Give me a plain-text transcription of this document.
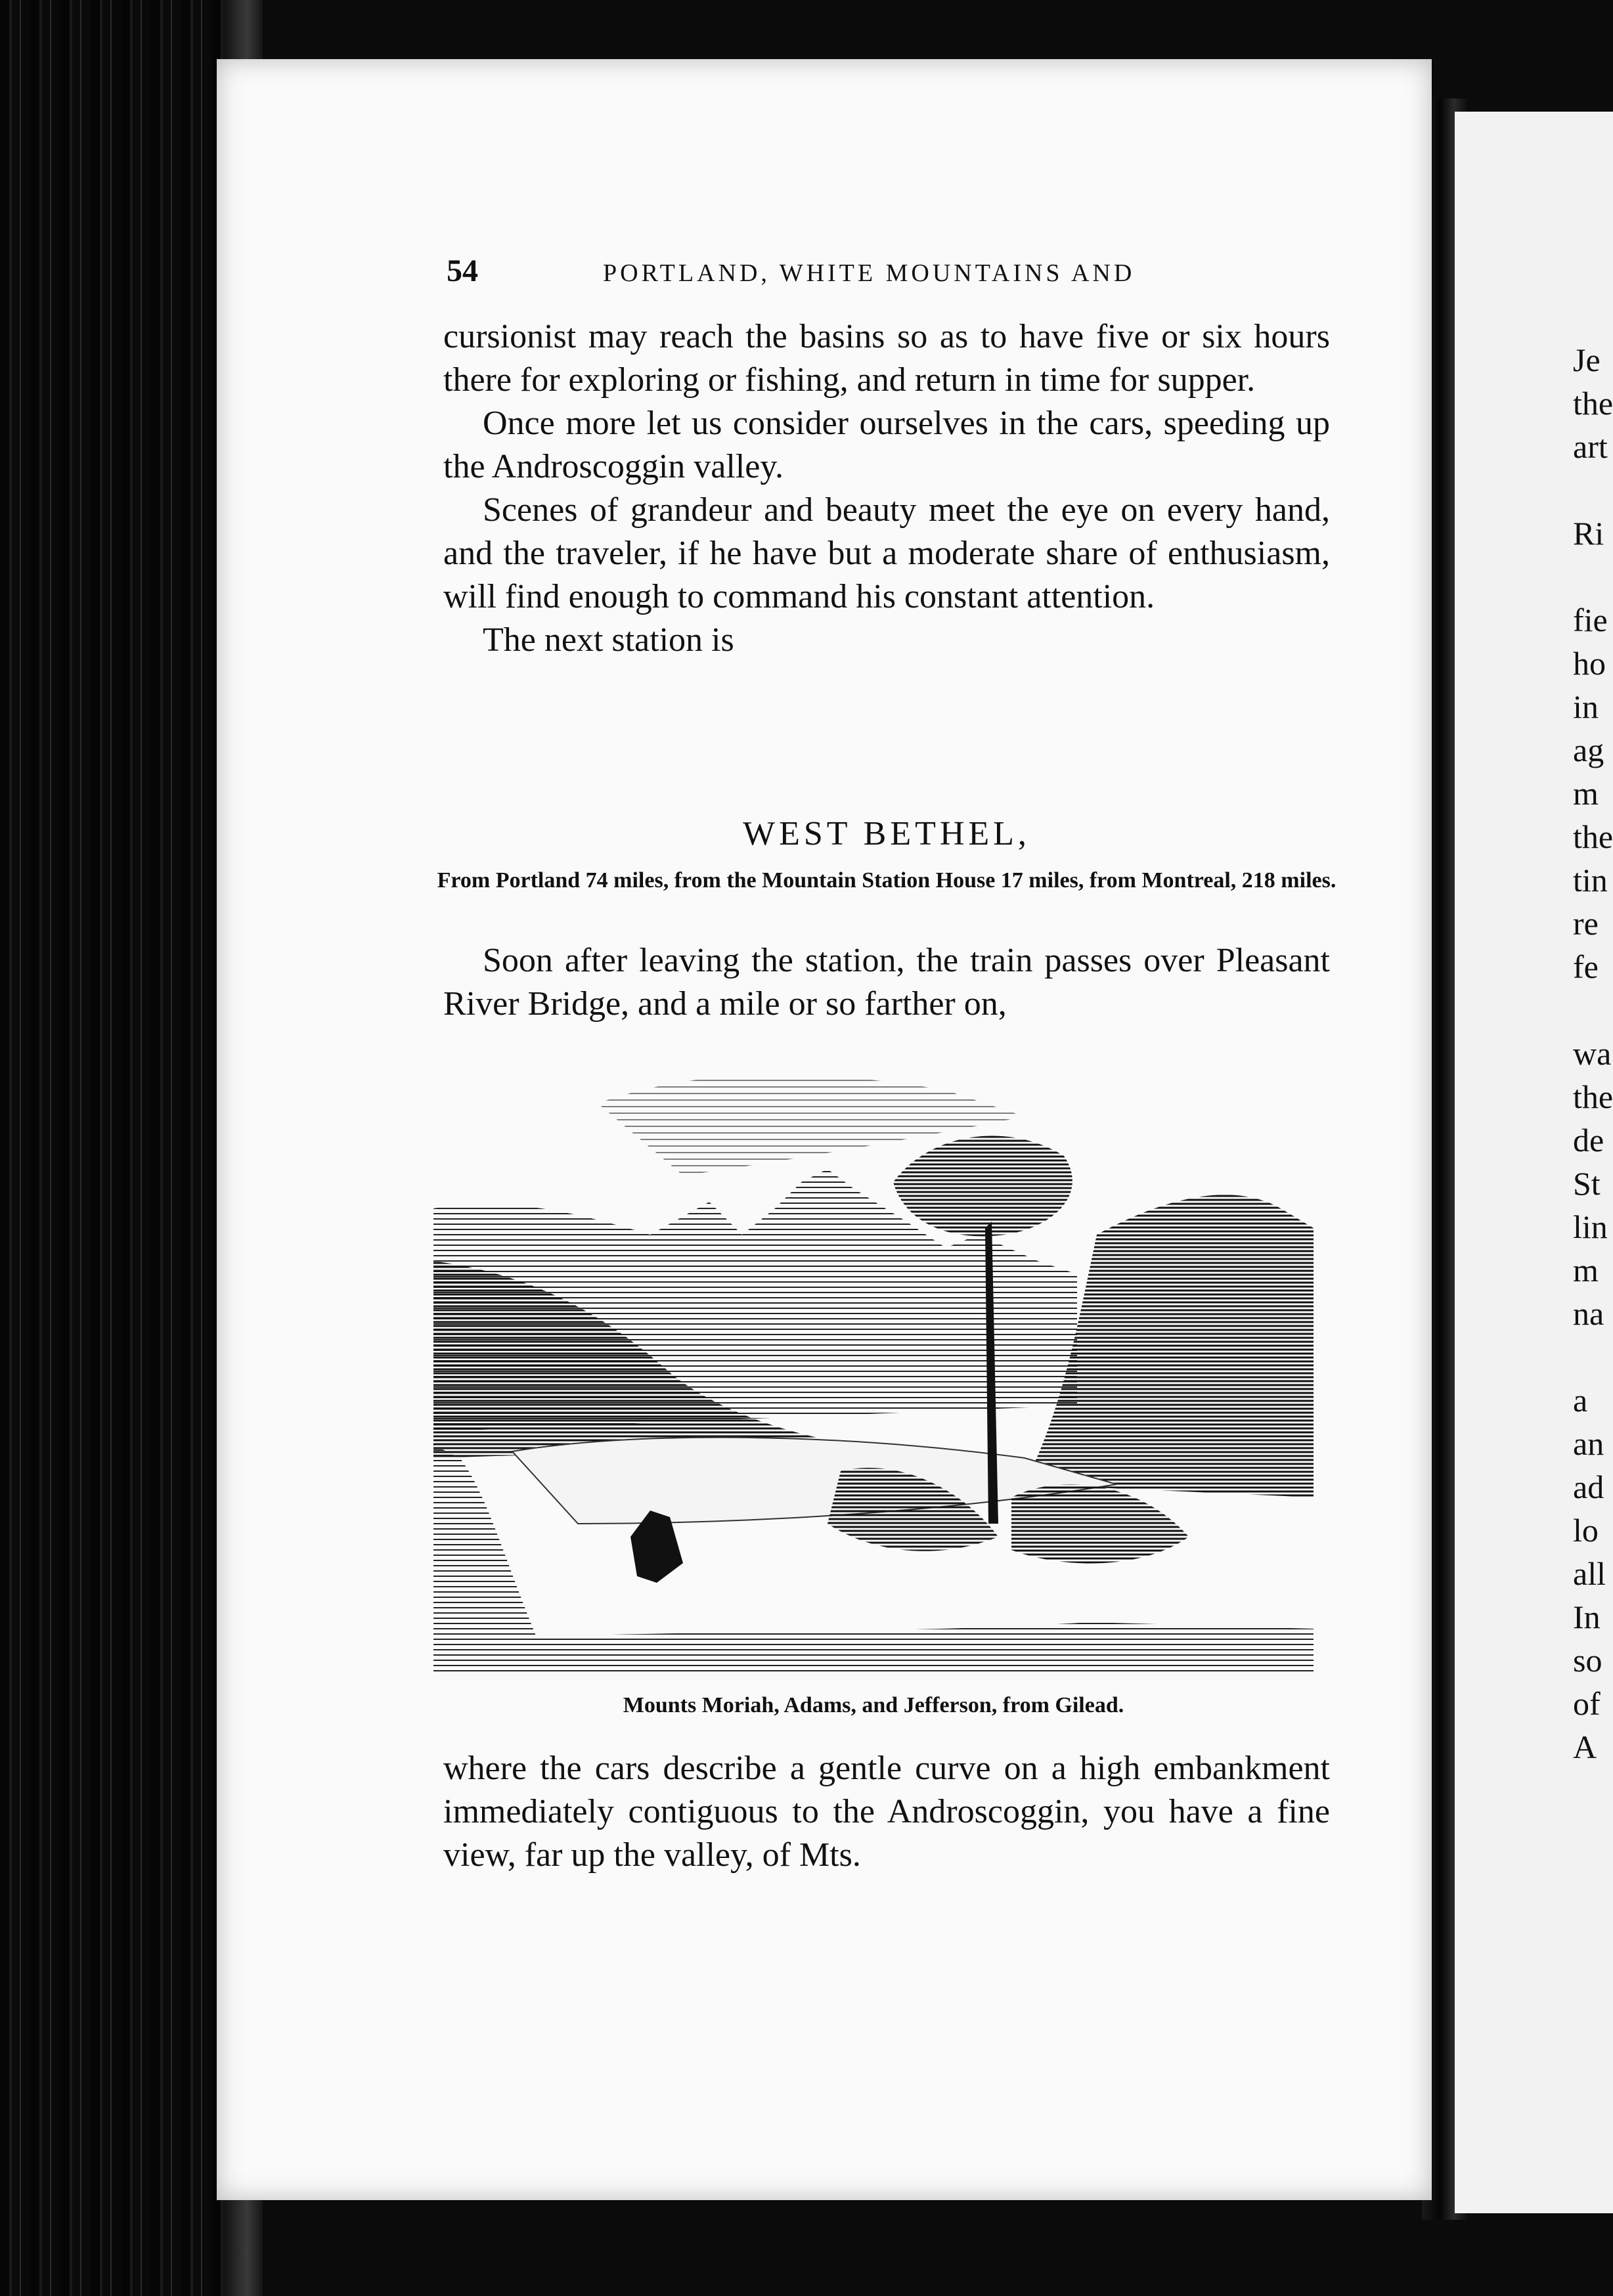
54	PORTLAND, WHITE MOUNTAINS AND

cursionist may reach the basins so as to have five or six hours there for exploring or fishing, and return in time for supper.

Once more let us consider ourselves in the cars, speeding up the Androscoggin valley.

Scenes of grandeur and beauty meet the eye on every hand, and the traveler, if he have but a moderate share of enthusiasm, will find enough to command his constant attention.

The next station is

WEST BETHEL,
From Portland 74 miles, from the Mountain Station House 17 miles, from Montreal, 218 miles.

Soon after leaving the station, the train passes over Pleasant River Bridge, and a mile or so farther on,

Mounts Moriah, Adams, and Jefferson, from Gilead.

where the cars describe a gentle curve on a high embankment immediately contiguous to the Androscoggin, you have a fine view, far up the valley, of Mts.

Je
the
art
Ri
fie
ho
in
ag
m
the
tin
re
fe
wa
the
de
St
lin
m
na
a
an
ad
lo
all
In
so
of
A
